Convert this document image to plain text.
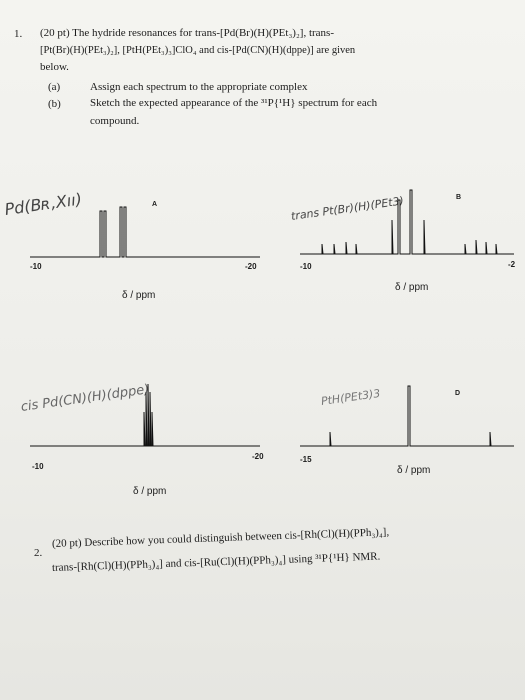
1. (20 pt) The hydride resonances for trans-[Pd(Br)(H)(PEt₃)₂], trans-
[Pt(Br)(H)(PEt₃)₂], [PtH(PEt₃)₃]ClO₄ and cis-[Pd(CN)(H)(dppe)] are given
below.
(a)	Assign each spectrum to the appropriate complex
(b)	Sketch the expected appearance of the ³¹P{¹H} spectrum for each
compound.
Pd(Bʀ,Xıı)	A
-10	-20
δ / ppm
trans Pt(Br)(H)(PEt3)	B
-10	-2
δ / ppm
cis Pd(CN)(H)(dppe)
-10
-20
δ / ppm
PtH(PEt3)3	D
-15
δ / ppm
2.
(20 pt) Describe how you could distinguish between cis-[Rh(Cl)(H)(PPh₃)₄],
trans-[Rh(Cl)(H)(PPh₃)₄] and cis-[Ru(Cl)(H)(PPh₃)₄] using ³¹P{¹H} NMR.
